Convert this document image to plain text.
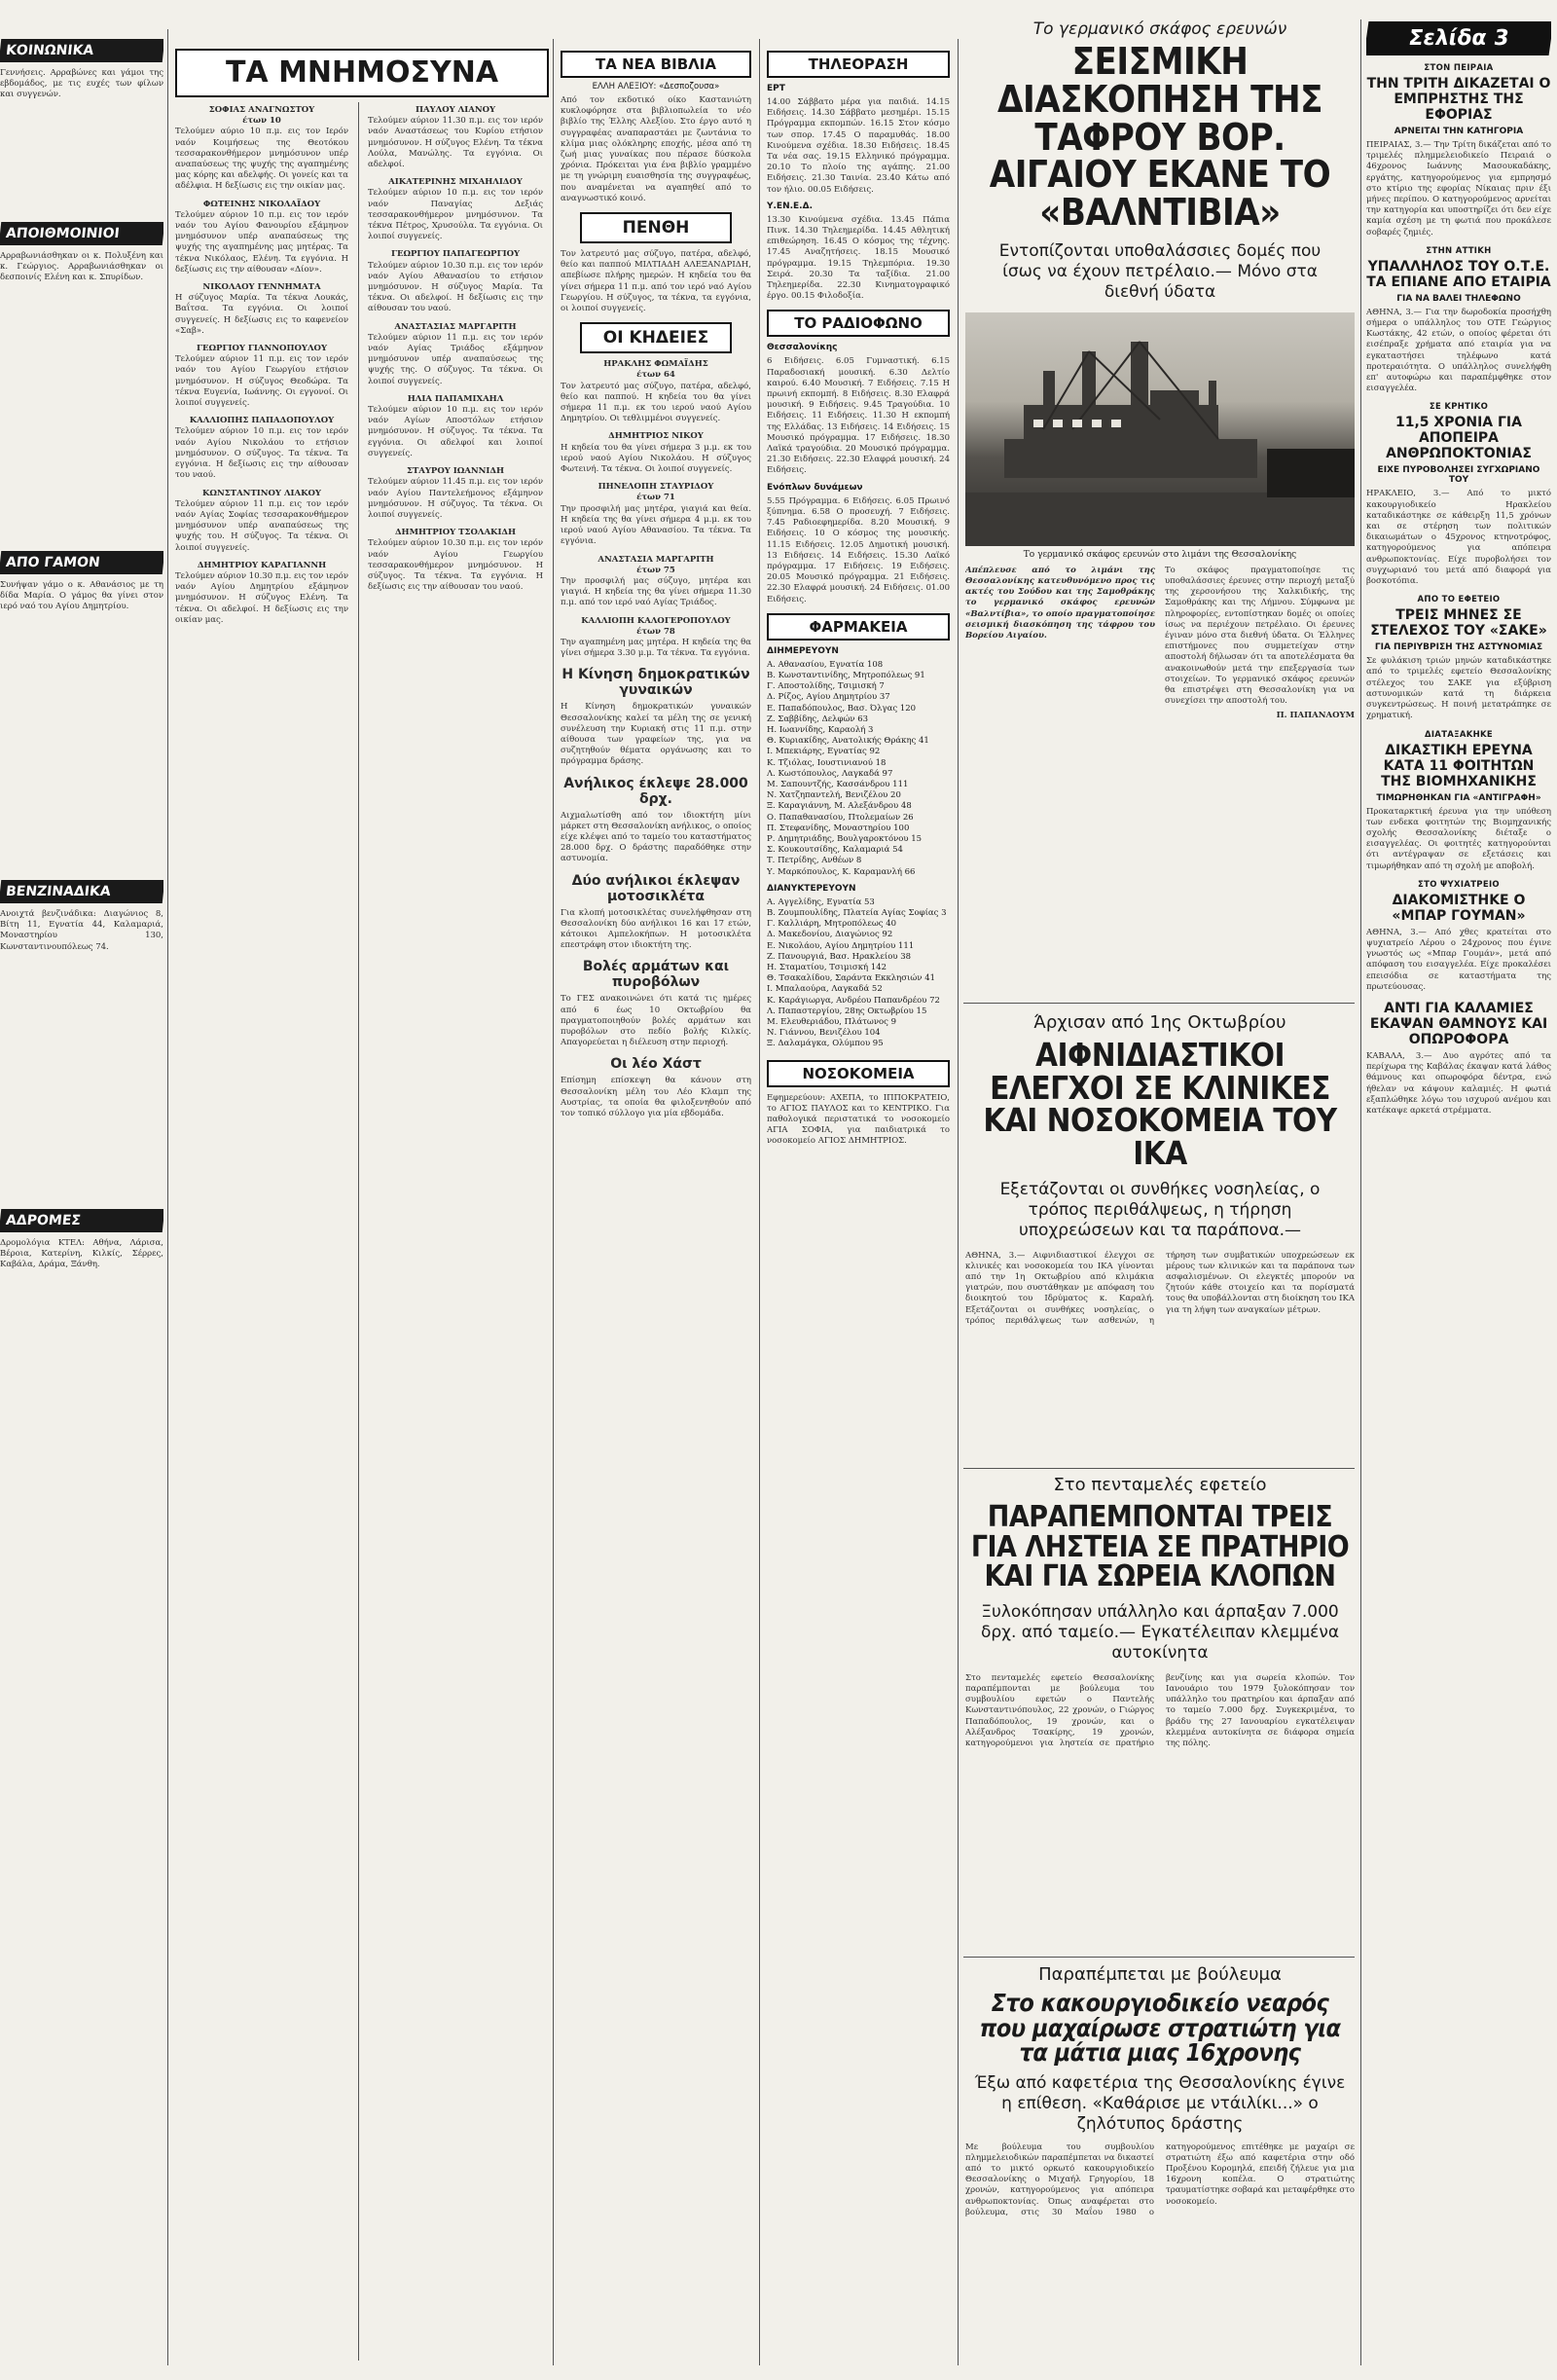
ΚΟΙΝΩΝΙΚΑ
Γεννήσεις. Αρραβώνες και γάμοι της εβδομάδος, με τις ευχές των φίλων και συγγενών.
ΑΠΟΙΘΜΟΙΝΙΟΙ
Αρραβωνιάσθηκαν οι κ. Πολυξένη και κ. Γεώργιος. Αρραβωνιάσθηκαν οι δεσποινίς Ελένη και κ. Σπυρίδων.
ΑΠΟ ΓΑΜΟΝ
Συνήψαν γάμο ο κ. Αθανάσιος με τη δίδα Μαρία. Ο γάμος θα γίνει στον ιερό ναό του Αγίου Δημητρίου.
ΒΕΝΖΙΝΑΔΙΚΑ
Ανοιχτά βενζινάδικα: Διαγώνιος 8, Βίτη 11, Εγνατία 44, Καλαμαριά, Μοναστηρίου 130, Κωνσταντινουπόλεως 74.
ΑΔΡΟΜΕΣ
Δρομολόγια ΚΤΕΛ: Αθήνα, Λάρισα, Βέροια, Κατερίνη, Κιλκίς, Σέρρες, Καβάλα, Δράμα, Ξάνθη.
ΤΑ ΜΝΗΜΟΣΥΝΑ
ΣΟΦΙΑΣ ΑΝΑΓΝΩΣΤΟΥ
έτων 10
Τελούμεν αύριο 10 π.μ. εις τον Ιερόν ναόν Κοιμήσεως της Θεοτόκου τεσσαρακονθήμερον μνημόσυνον υπέρ αναπαύσεως της ψυχής της αγαπημένης μας κόρης και αδελφής. Οι γονείς και τα αδέλφια. Η δεξίωσις εις την οικίαν μας.
ΦΩΤΕΙΝΗΣ ΝΙΚΟΛΑΪΔΟΥ
Τελούμεν αύριον 10 π.μ. εις τον ιερόν ναόν του Αγίου Φανουρίου εξάμηνον μνημόσυνον υπέρ αναπαύσεως της ψυχής της αγαπημένης μας μητέρας. Τα τέκνα Νικόλαος, Ελένη. Τα εγγόνια. Η δεξίωσις εις την αίθουσαν «Δίον».
ΝΙΚΟΛΑΟΥ ΓΕΝΝΗΜΑΤΑ
Η σύζυγος Μαρία. Τα τέκνα Λουκάς, Βαΐτσα. Τα εγγόνια. Οι λοιποί συγγενείς. Η δεξίωσις εις το καφενείον «Σαβ».
ΓΕΩΡΓΙΟΥ ΓΙΑΝΝΟΠΟΥΛΟΥ
Τελούμεν αύριον 11 π.μ. εις τον ιερόν ναόν του Αγίου Γεωργίου ετήσιον μνημόσυνον. Η σύζυγος Θεοδώρα. Τα τέκνα Ευγενία, Ιωάννης. Οι εγγονοί. Οι λοιποί συγγενείς.
ΚΑΛΛΙΟΠΗΣ ΠΑΠΑΔΟΠΟΥΛΟΥ
Τελούμεν αύριον 10 π.μ. εις τον ιερόν ναόν Αγίου Νικολάου το ετήσιον μνημόσυνον. Ο σύζυγος. Τα τέκνα. Τα εγγόνια. Η δεξίωσις εις την αίθουσαν του ναού.
ΚΩΝΣΤΑΝΤΙΝΟΥ ΛΙΑΚΟΥ
Τελούμεν αύριον 11 π.μ. εις τον ιερόν ναόν Αγίας Σοφίας τεσσαρακονθήμερον μνημόσυνον υπέρ αναπαύσεως της ψυχής του. Η σύζυγος. Τα τέκνα. Οι λοιποί συγγενείς.
ΔΗΜΗΤΡΙΟΥ ΚΑΡΑΓΙΑΝΝΗ
Τελούμεν αύριον 10.30 π.μ. εις τον ιερόν ναόν Αγίου Δημητρίου εξάμηνον μνημόσυνον. Η σύζυγος Ελένη. Τα τέκνα. Οι αδελφοί. Η δεξίωσις εις την οικίαν μας.
ΠΑΥΛΟΥ ΛΙΑΝΟΥ
Τελούμεν αύριον 11.30 π.μ. εις τον ιερόν ναόν Αναστάσεως του Κυρίου ετήσιον μνημόσυνον. Η σύζυγος Ελένη. Τα τέκνα Λούλα, Μανώλης. Τα εγγόνια. Οι αδελφοί.
ΑΙΚΑΤΕΡΙΝΗΣ ΜΙΧΑΗΛΙΔΟΥ
Τελούμεν αύριον 10 π.μ. εις τον ιερόν ναόν Παναγίας Δεξιάς τεσσαρακονθήμερον μνημόσυνον. Τα τέκνα Πέτρος, Χρυσούλα. Τα εγγόνια. Οι λοιποί συγγενείς.
ΓΕΩΡΓΙΟΥ ΠΑΠΑΓΕΩΡΓΙΟΥ
Τελούμεν αύριον 10.30 π.μ. εις τον ιερόν ναόν Αγίου Αθανασίου το ετήσιον μνημόσυνον. Η σύζυγος Μαρία. Τα τέκνα. Οι αδελφοί. Η δεξίωσις εις την αίθουσαν του ναού.
ΑΝΑΣΤΑΣΙΑΣ ΜΑΡΓΑΡΙΤΗ
Τελούμεν αύριον 11 π.μ. εις τον ιερόν ναόν Αγίας Τριάδος εξάμηνον μνημόσυνον υπέρ αναπαύσεως της ψυχής της. Ο σύζυγος. Τα τέκνα. Οι λοιποί συγγενείς.
ΗΛΙΑ ΠΑΠΑΜΙΧΑΗΛ
Τελούμεν αύριον 10 π.μ. εις τον ιερόν ναόν Αγίων Αποστόλων ετήσιον μνημόσυνον. Η σύζυγος. Τα τέκνα. Τα εγγόνια. Οι αδελφοί και λοιποί συγγενείς.
ΣΤΑΥΡΟΥ ΙΩΑΝΝΙΔΗ
Τελούμεν αύριον 11.45 π.μ. εις τον ιερόν ναόν Αγίου Παντελεήμονος εξάμηνον μνημόσυνον. Η σύζυγος. Τα τέκνα. Οι λοιποί συγγενείς.
ΔΗΜΗΤΡΙΟΥ ΤΣΟΛΑΚΙΔΗ
Τελούμεν αύριον 10.30 π.μ. εις τον ιερόν ναόν Αγίου Γεωργίου τεσσαρακονθήμερον μνημόσυνον. Η σύζυγος. Τα τέκνα. Τα εγγόνια. Η δεξίωσις εις την αίθουσαν του ναού.
ΤΑ ΝΕΑ ΒΙΒΛΙΑ
ΕΛΛΗ ΑΛΕΞΙΟΥ: «Δεσποζουσα»
Από τον εκδοτικό οίκο Καστανιώτη κυκλοφόρησε στα βιβλιοπωλεία το νέο βιβλίο της Έλλης Αλεξίου. Στο έργο αυτό η συγγραφέας αναπαραστάει με ζωντάνια το κλίμα μιας ολόκληρης εποχής, μέσα από τη ζωή μιας γυναίκας που πέρασε δύσκολα χρόνια. Πρόκειται για ένα βιβλίο γραμμένο με τη γνώριμη ευαισθησία της συγγραφέως, που αναμένεται να αγαπηθεί από το αναγνωστικό κοινό.
ΠΕΝΘΗ
Τον λατρευτό μας σύζυγο, πατέρα, αδελφό, θείο και παππού ΜΙΛΤΙΑΔΗ ΑΛΕΞΑΝΔΡΙΔΗ, απεβίωσε πλήρης ημερών. Η κηδεία του θα γίνει σήμερα 11 π.μ. από τον ιερό ναό Αγίου Γεωργίου. Η σύζυγος, τα τέκνα, τα εγγόνια, οι λοιποί συγγενείς.
ΟΙ ΚΗΔΕΙΕΣ
ΗΡΑΚΛΗΣ ΦΩΜΑΪΔΗΣ
έτων 64
Τον λατρευτό μας σύζυγο, πατέρα, αδελφό, θείο και παππού. Η κηδεία του θα γίνει σήμερα 11 π.μ. εκ του ιερού ναού Αγίου Δημητρίου. Οι τεθλιμμένοι συγγενείς.
ΔΗΜΗΤΡΙΟΣ ΝΙΚΟΥ
Η κηδεία του θα γίνει σήμερα 3 μ.μ. εκ του ιερού ναού Αγίου Νικολάου. Η σύζυγος Φωτεινή. Τα τέκνα. Οι λοιποί συγγενείς.
ΠΗΝΕΛΟΠΗ ΣΤΑΥΡΙΔΟΥ
έτων 71
Την προσφιλή μας μητέρα, γιαγιά και θεία. Η κηδεία της θα γίνει σήμερα 4 μ.μ. εκ του ιερού ναού Αγίου Αθανασίου. Τα τέκνα. Τα εγγόνια.
ΑΝΑΣΤΑΣΙΑ ΜΑΡΓΑΡΙΤΗ
έτων 75
Την προσφιλή μας σύζυγο, μητέρα και γιαγιά. Η κηδεία της θα γίνει σήμερα 11.30 π.μ. από τον ιερό ναό Αγίας Τριάδος.
ΚΑΛΛΙΟΠΗ ΚΑΛΟΓΕΡΟΠΟΥΛΟΥ
έτων 78
Την αγαπημένη μας μητέρα. Η κηδεία της θα γίνει σήμερα 3.30 μ.μ. Τα τέκνα. Τα εγγόνια.
Η Κίνηση δημοκρατικών γυναικών
Η Κίνηση δημοκρατικών γυναικών Θεσσαλονίκης καλεί τα μέλη της σε γενική συνέλευση την Κυριακή στις 11 π.μ. στην αίθουσα των γραφείων της, για να συζητηθούν θέματα οργάνωσης και το πρόγραμμα δράσης.
Ανήλικος έκλεψε 28.000 δρχ.
Αιχμαλωτίσθη από τον ιδιοκτήτη μίνι μάρκετ στη Θεσσαλονίκη ανήλικος, ο οποίος είχε κλέψει από το ταμείο του καταστήματος 28.000 δρχ. Ο δράστης παραδόθηκε στην αστυνομία.
Δύο ανήλικοι έκλεψαν μοτοσικλέτα
Για κλοπή μοτοσικλέτας συνελήφθησαν στη Θεσσαλονίκη δύο ανήλικοι 16 και 17 ετών, κάτοικοι Αμπελοκήπων. Η μοτοσικλέτα επεστράφη στον ιδιοκτήτη της.
Βολές αρμάτων και πυροβόλων
Το ΓΕΣ ανακοινώνει ότι κατά τις ημέρες από 6 έως 10 Οκτωβρίου θα πραγματοποιηθούν βολές αρμάτων και πυροβόλων στο πεδίο βολής Κιλκίς. Απαγορεύεται η διέλευση στην περιοχή.
Οι λέο Χάστ
Επίσημη επίσκεψη θα κάνουν στη Θεσσαλονίκη μέλη του Λέο Κλαμπ της Αυστρίας, τα οποία θα φιλοξενηθούν από τον τοπικό σύλλογο για μία εβδομάδα.
ΤΗΛΕΟΡΑΣΗ
ΕΡΤ
14.00 Σάββατο μέρα για παιδιά. 14.15 Ειδήσεις. 14.30 Σάββατο μεσημέρι. 15.15 Πρόγραμμα εκπομπών. 16.15 Στον κόσμο των σπορ. 17.45 Ο παραμυθάς. 18.00 Κινούμενα σχέδια. 18.30 Ειδήσεις. 18.45 Τα νέα σας. 19.15 Ελληνικό πρόγραμμα. 20.10 Το πλοίο της αγάπης. 21.00 Ειδήσεις. 21.30 Ταινία. 23.40 Κάτω από τον ήλιο. 00.05 Ειδήσεις.
Υ.ΕΝ.Ε.Δ.
13.30 Κινούμενα σχέδια. 13.45 Πάπια Πινκ. 14.30 Τηλεημερίδα. 14.45 Αθλητική επιθεώρηση. 16.45 Ο κόσμος της τέχνης. 17.45 Αναζητήσεις. 18.15 Μουσικό πρόγραμμα. 19.15 Τηλεμπόρια. 19.30 Σειρά. 20.30 Τα ταξίδια. 21.00 Τηλεημερίδα. 22.30 Κινηματογραφικό έργο. 00.15 Φιλοδοξία.
ΤΟ ΡΑΔΙΟΦΩΝΟ
Θεσσαλονίκης
6 Ειδήσεις. 6.05 Γυμναστική. 6.15 Παραδοσιακή μουσική. 6.30 Δελτίο καιρού. 6.40 Μουσική. 7 Ειδήσεις. 7.15 Η πρωινή εκπομπή. 8 Ειδήσεις. 8.30 Ελαφρά μουσική. 9 Ειδήσεις. 9.45 Τραγούδια. 10 Ειδήσεις. 11 Ειδήσεις. 11.30 Η εκπομπή της Ελλάδας. 13 Ειδήσεις. 14 Ειδήσεις. 15 Μουσικό πρόγραμμα. 17 Ειδήσεις. 18.30 Λαϊκά τραγούδια. 20 Μουσικό πρόγραμμα. 21.30 Ειδήσεις. 22.30 Ελαφρά μουσική. 24 Ειδήσεις.
Ενόπλων δυνάμεων
5.55 Πρόγραμμα. 6 Ειδήσεις. 6.05 Πρωινό ξύπνημα. 6.58 Ο προσευχή. 7 Ειδήσεις. 7.45 Ραδιοεφημερίδα. 8.20 Μουσική. 9 Ειδήσεις. 10 Ο κόσμος της μουσικής. 11.15 Ειδήσεις. 12.05 Δημοτική μουσική. 13 Ειδήσεις. 14 Ειδήσεις. 15.30 Λαϊκό πρόγραμμα. 17 Ειδήσεις. 19 Ειδήσεις. 20.05 Μουσικό πρόγραμμα. 21 Ειδήσεις. 22.30 Ελαφρά μουσική. 24 Ειδήσεις. 01.00 Ειδήσεις.
ΦΑΡΜΑΚΕΙΑ
ΔΙΗΜΕΡΕΥΟΥΝ
Α. Αθανασίου, Εγνατία 108
Β. Κωνσταντινίδης, Μητροπόλεως 91
Γ. Αποστολίδης, Τσιμισκή 7
Δ. Ρίζος, Αγίου Δημητρίου 37
Ε. Παπαδόπουλος, Βασ. Όλγας 120
Ζ. Σαββίδης, Δελφών 63
Η. Ιωαννίδης, Καραολή 3
Θ. Κυριακίδης, Ανατολικής Θράκης 41
Ι. Μπεκιάρης, Εγνατίας 92
Κ. Τζιόλας, Ιουστινιανού 18
Λ. Κωστόπουλος, Λαγκαδά 97
Μ. Σαπουντζής, Κασσάνδρου 111
Ν. Χατζηπαντελή, Βενιζέλου 20
Ξ. Καραγιάννη, Μ. Αλεξάνδρου 48
Ο. Παπαθανασίου, Πτολεμαίων 26
Π. Στεφανίδης, Μοναστηρίου 100
Ρ. Δημητριάδης, Βουλγαροκτόνου 15
Σ. Κουκουτσίδης, Καλαμαριά 54
Τ. Πετρίδης, Ανθέων 8
Υ. Μαρκόπουλος, Κ. Καραμανλή 66
ΔΙΑΝΥΚΤΕΡΕΥΟΥΝ
Α. Αγγελίδης, Εγνατία 53
Β. Ζουμπουλίδης, Πλατεία Αγίας Σοφίας 3
Γ. Καλλιάρη, Μητροπόλεως 40
Δ. Μακεδονίου, Διαγώνιος 92
Ε. Νικολάου, Αγίου Δημητρίου 111
Ζ. Πανουργιά, Βασ. Ηρακλείου 38
Η. Σταματίου, Τσιμισκή 142
Θ. Τσακαλίδου, Σαράντα Εκκλησιών 41
Ι. Μπαλαούρα, Λαγκαδά 52
Κ. Καράγιωργα, Ανδρέου Παπανδρέου 72
Λ. Παπαστεργίου, 28ης Οκτωβρίου 15
Μ. Ελευθεριάδου, Πλάτωνος 9
Ν. Γιάννου, Βενιζέλου 104
Ξ. Δαλαμάγκα, Ολύμπου 95
ΝΟΣΟΚΟΜΕΙΑ
Εφημερεύουν: ΑΧΕΠΑ, το ΙΠΠΟΚΡΑΤΕΙΟ, το ΑΓΙΟΣ ΠΑΥΛΟΣ και το ΚΕΝΤΡΙΚΟ. Για παθολογικά περιστατικά το νοσοκομείο ΑΓΙΑ ΣΟΦΙΑ, για παιδιατρικά το νοσοκομείο ΑΓΙΟΣ ΔΗΜΗΤΡΙΟΣ.
Το γερμανικό σκάφος ερευνών
ΣΕΙΣΜΙΚΗ ΔΙΑΣΚΟΠΗΣΗ ΤΗΣ ΤΑΦΡΟΥ ΒΟΡ. ΑΙΓΑΙΟΥ ΕΚΑΝΕ ΤΟ «ΒΑΛΝΤΙΒΙΑ»
Εντοπίζονται υποθαλάσσιες δομές που ίσως να έχουν πετρέλαιο.— Μόνο στα διεθνή ύδατα
Το γερμανικό σκάφος ερευνών στο λιμάνι της Θεσσαλονίκης
Απέπλευσε από το λιμάνι της Θεσσαλονίκης κατευθυνόμενο προς τις ακτές του Σούδου και της Σαμοθράκης το γερμανικό σκάφος ερευνών «Βαλντίβια», το οποίο πραγματοποίησε σεισμική διασκόπηση της τάφρου του Βορείου Αιγαίου.
Το σκάφος πραγματοποίησε τις υποθαλάσσιες έρευνες στην περιοχή μεταξύ της χερσονήσου της Χαλκιδικής, της Σαμοθράκης και της Λήμνου. Σύμφωνα με πληροφορίες, εντοπίστηκαν δομές οι οποίες ίσως να περιέχουν πετρέλαιο. Οι έρευνες έγιναν μόνο στα διεθνή ύδατα. Οι Έλληνες επιστήμονες που συμμετείχαν στην αποστολή δήλωσαν ότι τα αποτελέσματα θα ανακοινωθούν μετά την επεξεργασία των στοιχείων. Το γερμανικό σκάφος ερευνών θα επιστρέψει στη Θεσσαλονίκη για να συνεχίσει την αποστολή του.
Π. ΠΑΠΑΝΑΟΥΜ
Άρχισαν από 1ης Οκτωβρίου
ΑΙΦΝΙΔΙΑΣΤΙΚΟΙ ΕΛΕΓΧΟΙ ΣΕ ΚΛΙΝΙΚΕΣ ΚΑΙ ΝΟΣΟΚΟΜΕΙΑ ΤΟΥ ΙΚΑ
Εξετάζονται οι συνθήκες νοσηλείας, ο τρόπος περιθάλψεως, η τήρηση υποχρεώσεων και τα παράπονα.—
ΑΘΗΝΑ, 3.— Αιφνιδιαστικοί έλεγχοι σε κλινικές και νοσοκομεία του ΙΚΑ γίνονται από την 1η Οκτωβρίου από κλιμάκια γιατρών, που συστάθηκαν με απόφαση του διοικητού του Ιδρύματος κ. Καραλή. Εξετάζονται οι συνθήκες νοσηλείας, ο τρόπος περιθάλψεως των ασθενών, η τήρηση των συμβατικών υποχρεώσεων εκ μέρους των κλινικών και τα παράπονα των ασφαλισμένων. Οι ελεγκτές μπορούν να ζητούν κάθε στοιχείο και τα πορίσματά τους θα υποβάλλονται στη διοίκηση του ΙΚΑ για τη λήψη των αναγκαίων μέτρων.
Στο πενταμελές εφετείο
ΠΑΡΑΠΕΜΠΟΝΤΑΙ ΤΡΕΙΣ ΓΙΑ ΛΗΣΤΕΙΑ ΣΕ ΠΡΑΤΗΡΙΟ ΚΑΙ ΓΙΑ ΣΩΡΕΙΑ ΚΛΟΠΩΝ
Ξυλοκόπησαν υπάλληλο και άρπαξαν 7.000 δρχ. από ταμείο.— Εγκατέλειπαν κλεμμένα αυτοκίνητα
Στο πενταμελές εφετείο Θεσσαλονίκης παραπέμπονται με βούλευμα του συμβουλίου εφετών ο Παντελής Κωνσταντινόπουλος, 22 χρονών, ο Γιώργος Παπαδόπουλος, 19 χρονών, και ο Αλέξανδρος Τσακίρης, 19 χρονών, κατηγορούμενοι για ληστεία σε πρατήριο βενζίνης και για σωρεία κλοπών. Τον Ιανουάριο του 1979 ξυλοκόπησαν τον υπάλληλο του πρατηρίου και άρπαξαν από το ταμείο 7.000 δρχ. Συγκεκριμένα, το βράδυ της 27 Ιανουαρίου εγκατέλειψαν κλεμμένα αυτοκίνητα σε διάφορα σημεία της πόλης.
Παραπέμπεται με βούλευμα
Στο κακουργιοδικείο νεαρός που μαχαίρωσε στρατιώτη για τα μάτια μιας 16χρονης
Έξω από καφετέρια της Θεσσαλονίκης έγινε η επίθεση. «Καθάρισε με ντάιλίκι...» ο ζηλότυπος δράστης
Με βούλευμα του συμβουλίου πλημμελειοδικών παραπέμπεται να δικαστεί από το μικτό ορκωτό κακουργιοδικείο Θεσσαλονίκης ο Μιχαήλ Γρηγορίου, 18 χρονών, κατηγορούμενος για απόπειρα ανθρωποκτονίας. Όπως αναφέρεται στο βούλευμα, στις 30 Μαΐου 1980 ο κατηγορούμενος επιτέθηκε με μαχαίρι σε στρατιώτη έξω από καφετέρια στην οδό Προξένου Κορομηλά, επειδή ζήλευε για μια 16χρονη κοπέλα. Ο στρατιώτης τραυματίστηκε σοβαρά και μεταφέρθηκε στο νοσοκομείο.
Σελίδα 3
ΣΤΟΝ ΠΕΙΡΑΙΑ
ΤΗΝ ΤΡΙΤΗ ΔΙΚΑΖΕΤΑΙ Ο ΕΜΠΡΗΣΤΗΣ ΤΗΣ ΕΦΟΡΙΑΣ
ΑΡΝΕΙΤΑΙ ΤΗΝ ΚΑΤΗΓΟΡΙΑ
ΠΕΙΡΑΙΑΣ, 3.— Την Τρίτη δικάζεται από το τριμελές πλημμελειοδικείο Πειραιά ο 46χρονος Ιωάννης Μασουκαδάκης, εργάτης, κατηγορούμενος για εμπρησμό στο κτίριο της εφορίας Νίκαιας πριν έξι μήνες περίπου. Ο κατηγορούμενος αρνείται την κατηγορία και υποστηρίζει ότι δεν είχε καμία σχέση με τη φωτιά που προκάλεσε σοβαρές ζημιές.
ΣΤΗΝ ΑΤΤΙΚΗ
ΥΠΑΛΛΗΛΟΣ ΤΟΥ Ο.Τ.Ε. ΤΑ ΕΠΙΑΝΕ ΑΠΟ ΕΤΑΙΡΙΑ
ΓΙΑ ΝΑ ΒΑΛΕΙ ΤΗΛΕΦΩΝΟ
ΑΘΗΝΑ, 3.— Για την δωροδοκία προσήχθη σήμερα ο υπάλληλος του ΟΤΕ Γεώργιος Κωστάκης, 42 ετών, ο οποίος φέρεται ότι εισέπραξε χρήματα από εταιρία για να εγκαταστήσει τηλέφωνο κατά προτεραιότητα. Ο υπάλληλος συνελήφθη επ' αυτοφώρω και παραπέμφθηκε στον εισαγγελέα.
ΣΕ ΚΡΗΤΙΚΟ
11,5 ΧΡΟΝΙΑ ΓΙΑ ΑΠΟΠΕΙΡΑ ΑΝΘΡΩΠΟΚΤΟΝΙΑΣ
ΕΙΧΕ ΠΥΡΟΒΟΛΗΣΕΙ ΣΥΓΧΩΡΙΑΝΟ ΤΟΥ
ΗΡΑΚΛΕΙΟ, 3.— Από το μικτό κακουργιοδικείο Ηρακλείου καταδικάστηκε σε κάθειρξη 11,5 χρόνων και σε στέρηση των πολιτικών δικαιωμάτων ο 45χρονος κτηνοτρόφος, κατηγορούμενος για απόπειρα ανθρωποκτονίας. Είχε πυροβολήσει τον συγχωριανό του μετά από διαφορά για βοσκοτόπια.
ΑΠΟ ΤΟ ΕΦΕΤΕΙΟ
ΤΡΕΙΣ ΜΗΝΕΣ ΣΕ ΣΤΕΛΕΧΟΣ ΤΟΥ «ΣΑΚΕ»
ΓΙΑ ΠΕΡΙΥΒΡΙΣΗ ΤΗΣ ΑΣΤΥΝΟΜΙΑΣ
Σε φυλάκιση τριών μηνών καταδικάστηκε από το τριμελές εφετείο Θεσσαλονίκης στέλεχος του ΣΑΚΕ για εξύβριση αστυνομικών κατά τη διάρκεια συγκεντρώσεως. Η ποινή μετατράπηκε σε χρηματική.
ΔΙΑΤΑΞΑΚΗΚΕ
ΔΙΚΑΣΤΙΚΗ ΕΡΕΥΝΑ ΚΑΤΑ 11 ΦΟΙΤΗΤΩΝ ΤΗΣ ΒΙΟΜΗΧΑΝΙΚΗΣ
ΤΙΜΩΡΗΘΗΚΑΝ ΓΙΑ «ΑΝΤΙΓΡΑΦΗ»
Προκαταρκτική έρευνα για την υπόθεση των ενδεκα φοιτητών της Βιομηχανικής σχολής Θεσσαλονίκης διέταξε ο εισαγγελέας. Οι φοιτητές κατηγορούνται ότι αντέγραψαν σε εξετάσεις και τιμωρήθηκαν από τη σχολή με αποβολή.
ΣΤΟ ΨΥΧΙΑΤΡΕΙΟ
ΔΙΑΚΟΜΙΣΤΗΚΕ Ο «ΜΠΑΡ ΓΟΥΜΑΝ»
ΑΘΗΝΑ, 3.— Από χθες κρατείται στο ψυχιατρείο Λέρου ο 24χρονος που έγινε γνωστός ως «Μπαρ Γουμάν», μετά από απόφαση του εισαγγελέα. Είχε προκαλέσει επεισόδια σε καταστήματα της πρωτεύουσας.
ΑΝΤΙ ΓΙΑ ΚΑΛΑΜΙΕΣ ΕΚΑΨΑΝ ΘΑΜΝΟΥΣ ΚΑΙ ΟΠΩΡΟΦΟΡΑ
ΚΑΒΑΛΑ, 3.— Δυο αγρότες από τα περίχωρα της Καβάλας έκαψαν κατά λάθος θάμνους και οπωροφόρα δέντρα, ενώ ήθελαν να κάψουν καλαμιές. Η φωτιά εξαπλώθηκε λόγω του ισχυρού ανέμου και κατέκαψε αρκετά στρέμματα.
